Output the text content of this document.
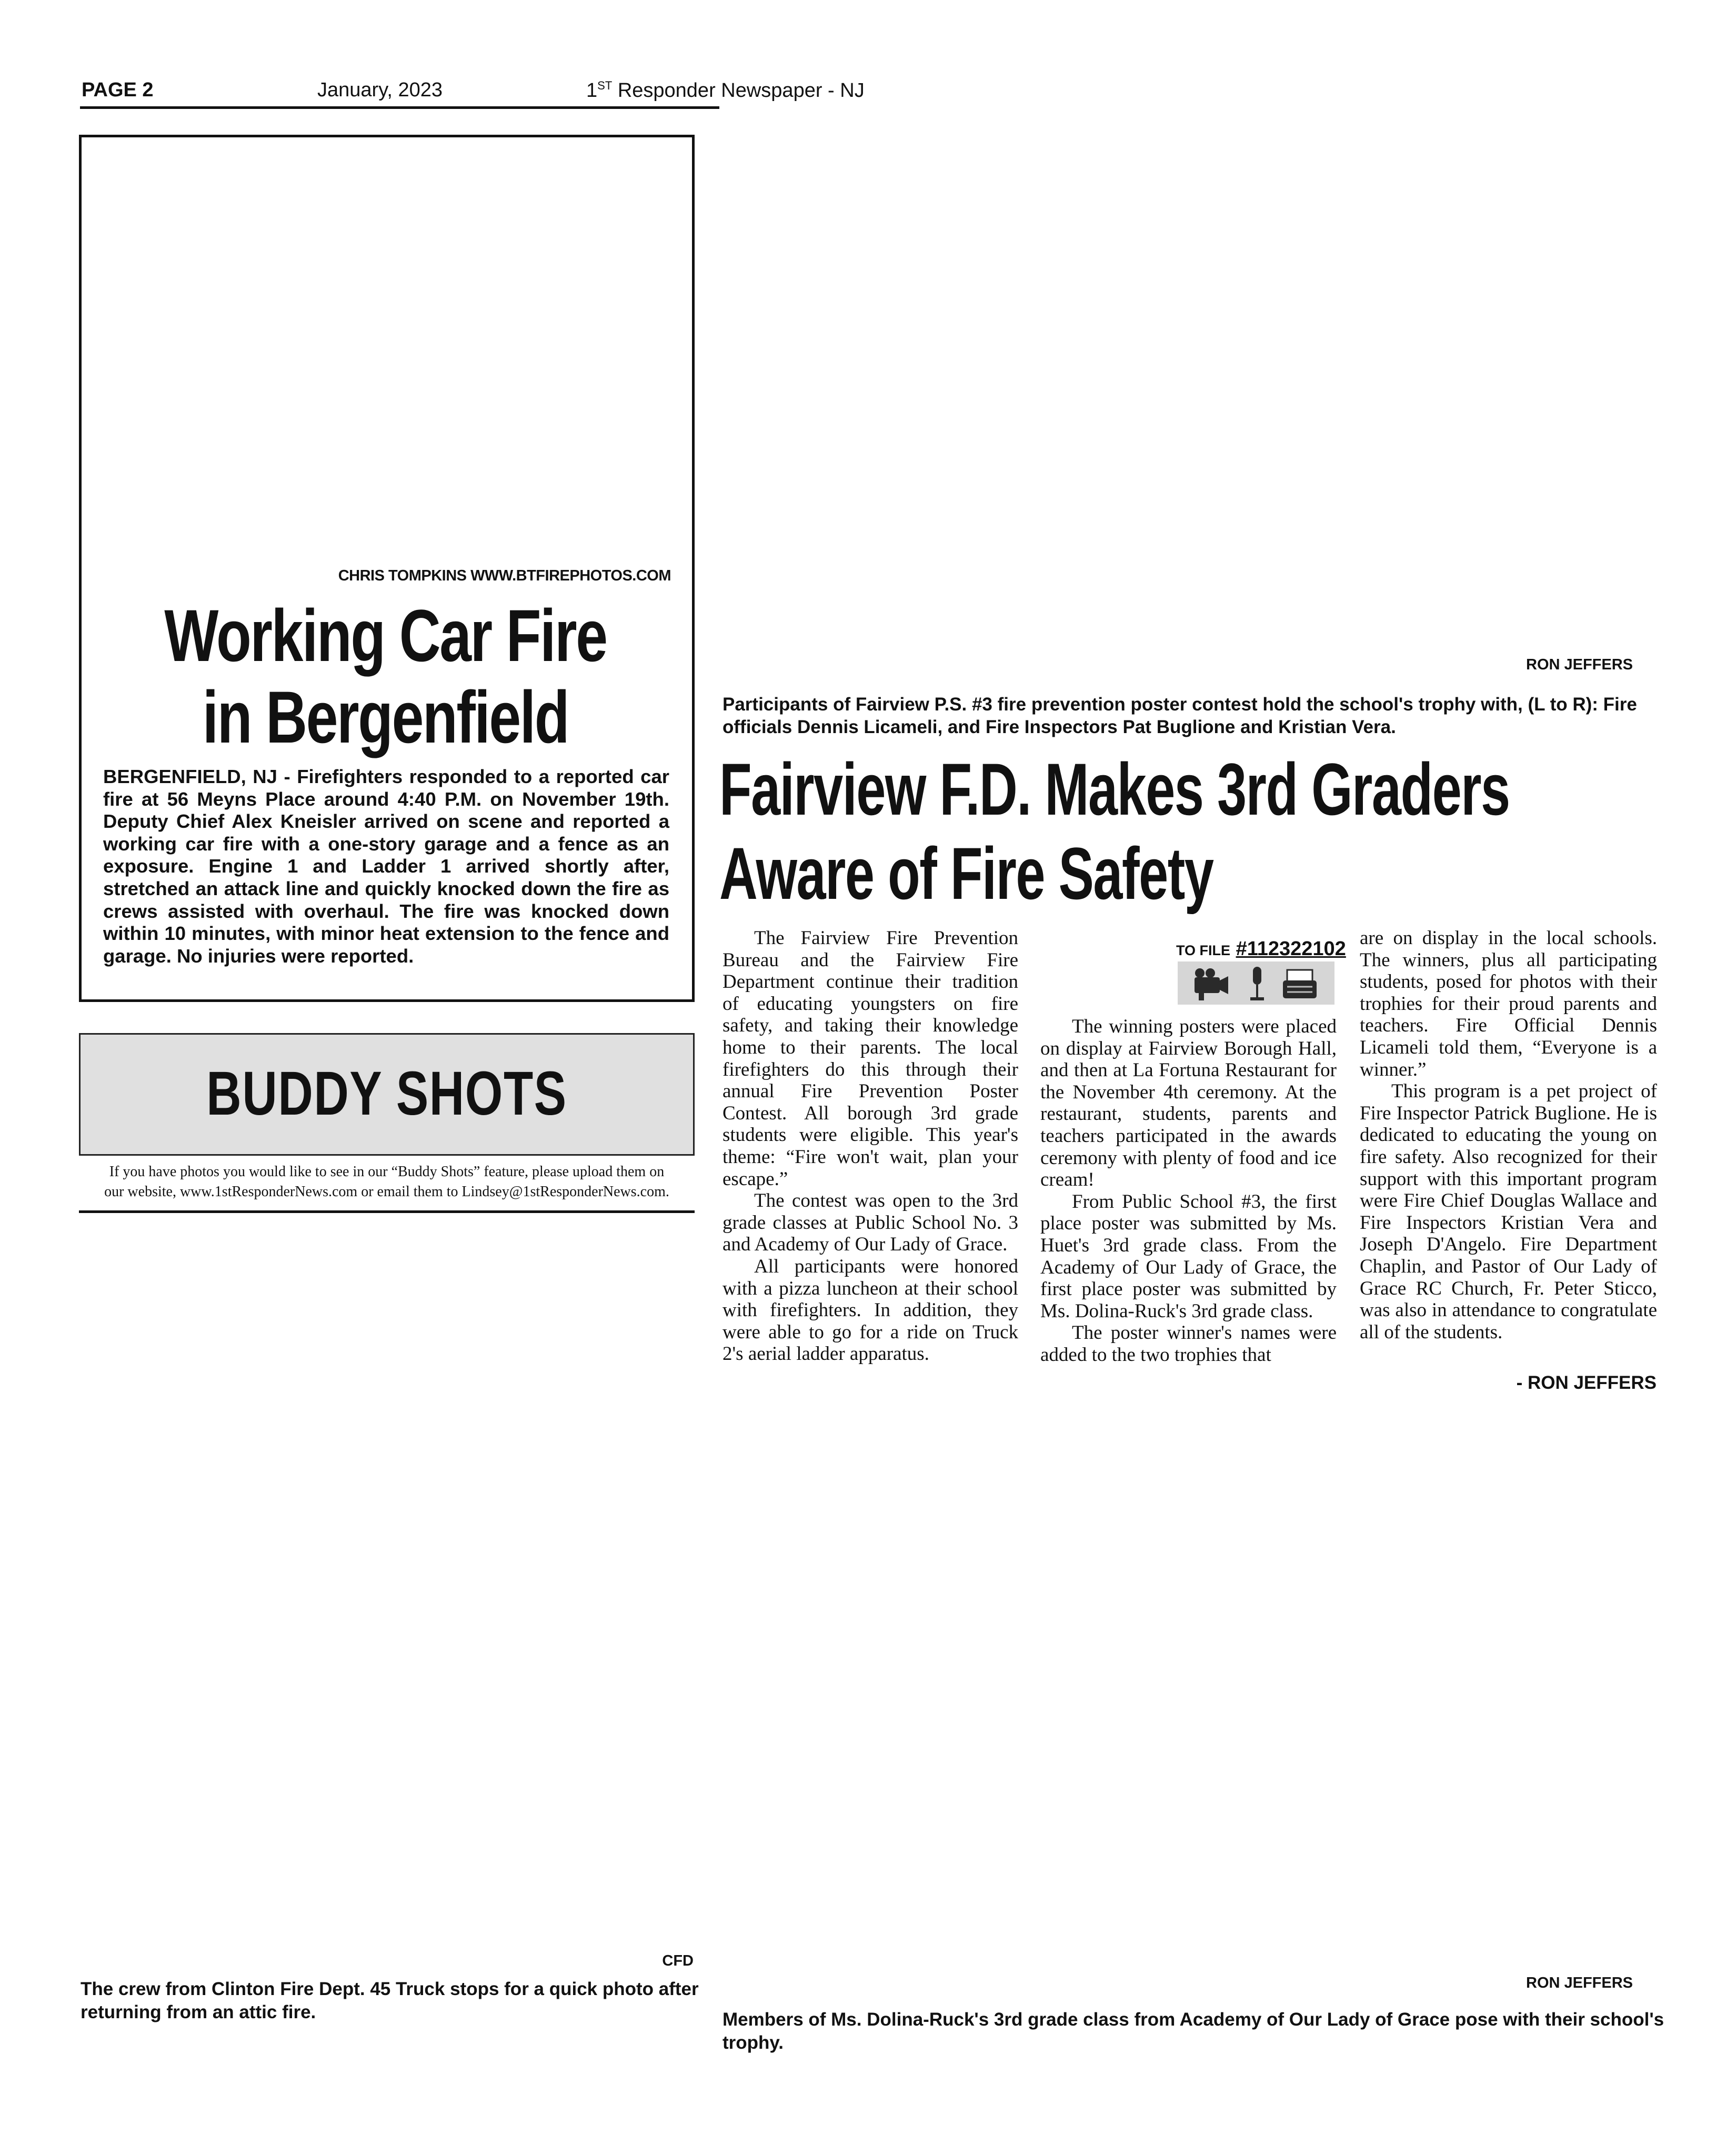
PAGE 2	January, 2023	1ST Responder Newspaper - NJ
CHRIS TOMPKINS WWW.BTFIREPHOTOS.COM
Working Car Fire
in Bergenfield
BERGENFIELD, NJ - Firefighters responded to a reported car fire at 56 Meyns Place around 4:40 P.M. on November 19th. Deputy Chief Alex Kneisler arrived on scene and reported a working car fire with a one-story garage and a fence as an exposure. Engine 1 and Ladder 1 arrived shortly after, stretched an attack line and quickly knocked down the fire as crews assisted with overhaul. The fire was knocked down within 10 minutes, with minor heat extension to the fence and garage. No injuries were reported.
BUDDY SHOTS
If you have photos you would like to see in our “Buddy Shots” feature, please upload them on
our website, www.1stResponderNews.com or email them to Lindsey@1stResponderNews.com.
RON JEFFERS
Participants of Fairview P.S. #3 fire prevention poster contest hold the school's trophy with, (L to R): Fire officials Dennis Licameli, and Fire Inspectors Pat Buglione and Kristian Vera.
Fairview F.D. Makes 3rd Graders
Aware of Fire Safety

The Fairview Fire Prevention Bureau and the Fairview Fire Department continue their tradition of educating youngsters on fire safety, and taking their knowledge home to their parents. The local firefighters do this through their annual Fire Prevention Poster Contest. All borough 3rd grade students were eligible. This year's theme: “Fire won't wait, plan your escape.”

The contest was open to the 3rd grade classes at Public School No. 3 and Academy of Our Lady of Grace.

All participants were honored with a pizza luncheon at their school with firefighters. In addition, they were able to go for a ride on Truck 2's aerial ladder apparatus.

TO FILE #112322102

The winning posters were placed on display at Fairview Borough Hall, and then at La Fortuna Restaurant for the November 4th ceremony. At the restaurant, students, parents and teachers participated in the awards ceremony with plenty of food and ice cream!

From Public School #3, the first place poster was submitted by Ms. Huet's 3rd grade class. From the Academy of Our Lady of Grace, the first place poster was submitted by Ms. Dolina-Ruck's 3rd grade class.

The poster winner's names were added to the two trophies that

are on display in the local schools. The winners, plus all participating students, posed for photos with their trophies for their proud parents and teachers. Fire Official Dennis Licameli told them, “Everyone is a winner.”

This program is a pet project of Fire Inspector Patrick Buglione. He is dedicated to educating the young on fire safety. Also recognized for their support with this important program were Fire Chief Douglas Wallace and Fire Inspectors Kristian Vera and Joseph D'Angelo. Fire Department Chaplin, and Pastor of Our Lady of Grace RC Church, Fr. Peter Sticco, was also in attendance to congratulate all of the students.

- RON JEFFERS
CFD
The crew from Clinton Fire Dept. 45 Truck stops for a quick photo after returning from an attic fire.
RON JEFFERS
Members of Ms. Dolina-Ruck's 3rd grade class from Academy of Our Lady of Grace pose with their school's trophy.
